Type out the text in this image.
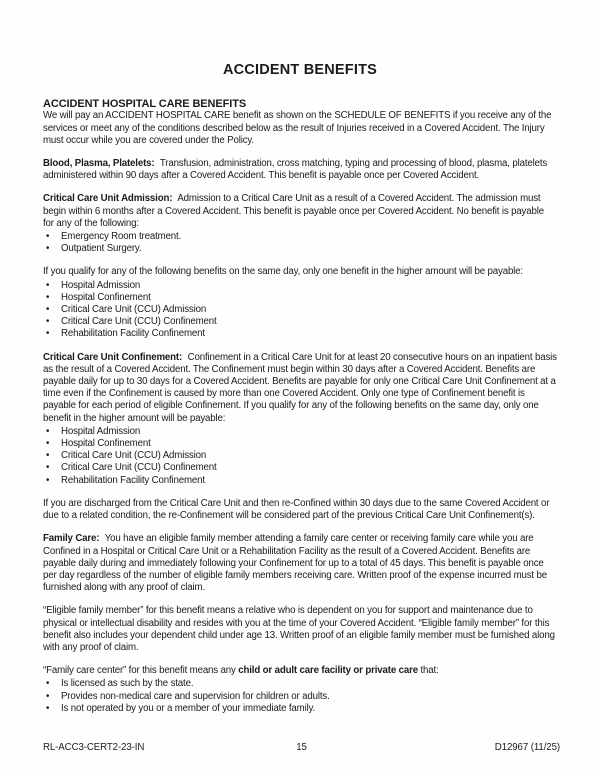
ACCIDENT BENEFITS
ACCIDENT HOSPITAL CARE BENEFITS

We will pay an ACCIDENT HOSPITAL CARE benefit as shown on the SCHEDULE OF BENEFITS if you receive any of the services or meet any of the conditions described below as the result of Injuries received in a Covered Accident. The Injury must occur while you are covered under the Policy.

Blood, Plasma, Platelets: Transfusion, administration, cross matching, typing and processing of blood, plasma, platelets administered within 90 days after a Covered Accident. This benefit is payable once per Covered Accident.

Critical Care Unit Admission: Admission to a Critical Care Unit as a result of a Covered Accident. The admission must begin within 6 months after a Covered Accident. This benefit is payable once per Covered Accident. No benefit is payable for any of the following:

•	Emergency Room treatment.
•	Outpatient Surgery.

If you qualify for any of the following benefits on the same day, only one benefit in the higher amount will be payable:

•	Hospital Admission
•	Hospital Confinement
•	Critical Care Unit (CCU) Admission
•	Critical Care Unit (CCU) Confinement
•	Rehabilitation Facility Confinement

Critical Care Unit Confinement: Confinement in a Critical Care Unit for at least 20 consecutive hours on an inpatient basis as the result of a Covered Accident. The Confinement must begin within 30 days after a Covered Accident. Benefits are payable daily for up to 30 days for a Covered Accident. Benefits are payable for only one Critical Care Unit Confinement at a time even if the Confinement is caused by more than one Covered Accident. Only one type of Confinement benefit is payable for each period of eligible Confinement. If you qualify for any of the following benefits on the same day, only one benefit in the higher amount will be payable:

•	Hospital Admission
•	Hospital Confinement
•	Critical Care Unit (CCU) Admission
•	Critical Care Unit (CCU) Confinement
•	Rehabilitation Facility Confinement

If you are discharged from the Critical Care Unit and then re-Confined within 30 days due to the same Covered Accident or due to a related condition, the re-Confinement will be considered part of the previous Critical Care Unit Confinement(s).

Family Care: You have an eligible family member attending a family care center or receiving family care while you are Confined in a Hospital or Critical Care Unit or a Rehabilitation Facility as the result of a Covered Accident. Benefits are payable daily during and immediately following your Confinement for up to a total of 45 days. This benefit is payable once per day regardless of the number of eligible family members receiving care. Written proof of the expense incurred must be furnished along with any proof of claim.

“Eligible family member” for this benefit means a relative who is dependent on you for support and maintenance due to physical or intellectual disability and resides with you at the time of your Covered Accident. “Eligible family member” for this benefit also includes your dependent child under age 13. Written proof of an eligible family member must be furnished along with any proof of claim.

“Family care center” for this benefit means any child or adult care facility or private care that:

•	Is licensed as such by the state.
•	Provides non-medical care and supervision for children or adults.
•	Is not operated by you or a member of your immediate family.
RL-ACC3-CERT2-23-IN	15	D12967 (11/25)
